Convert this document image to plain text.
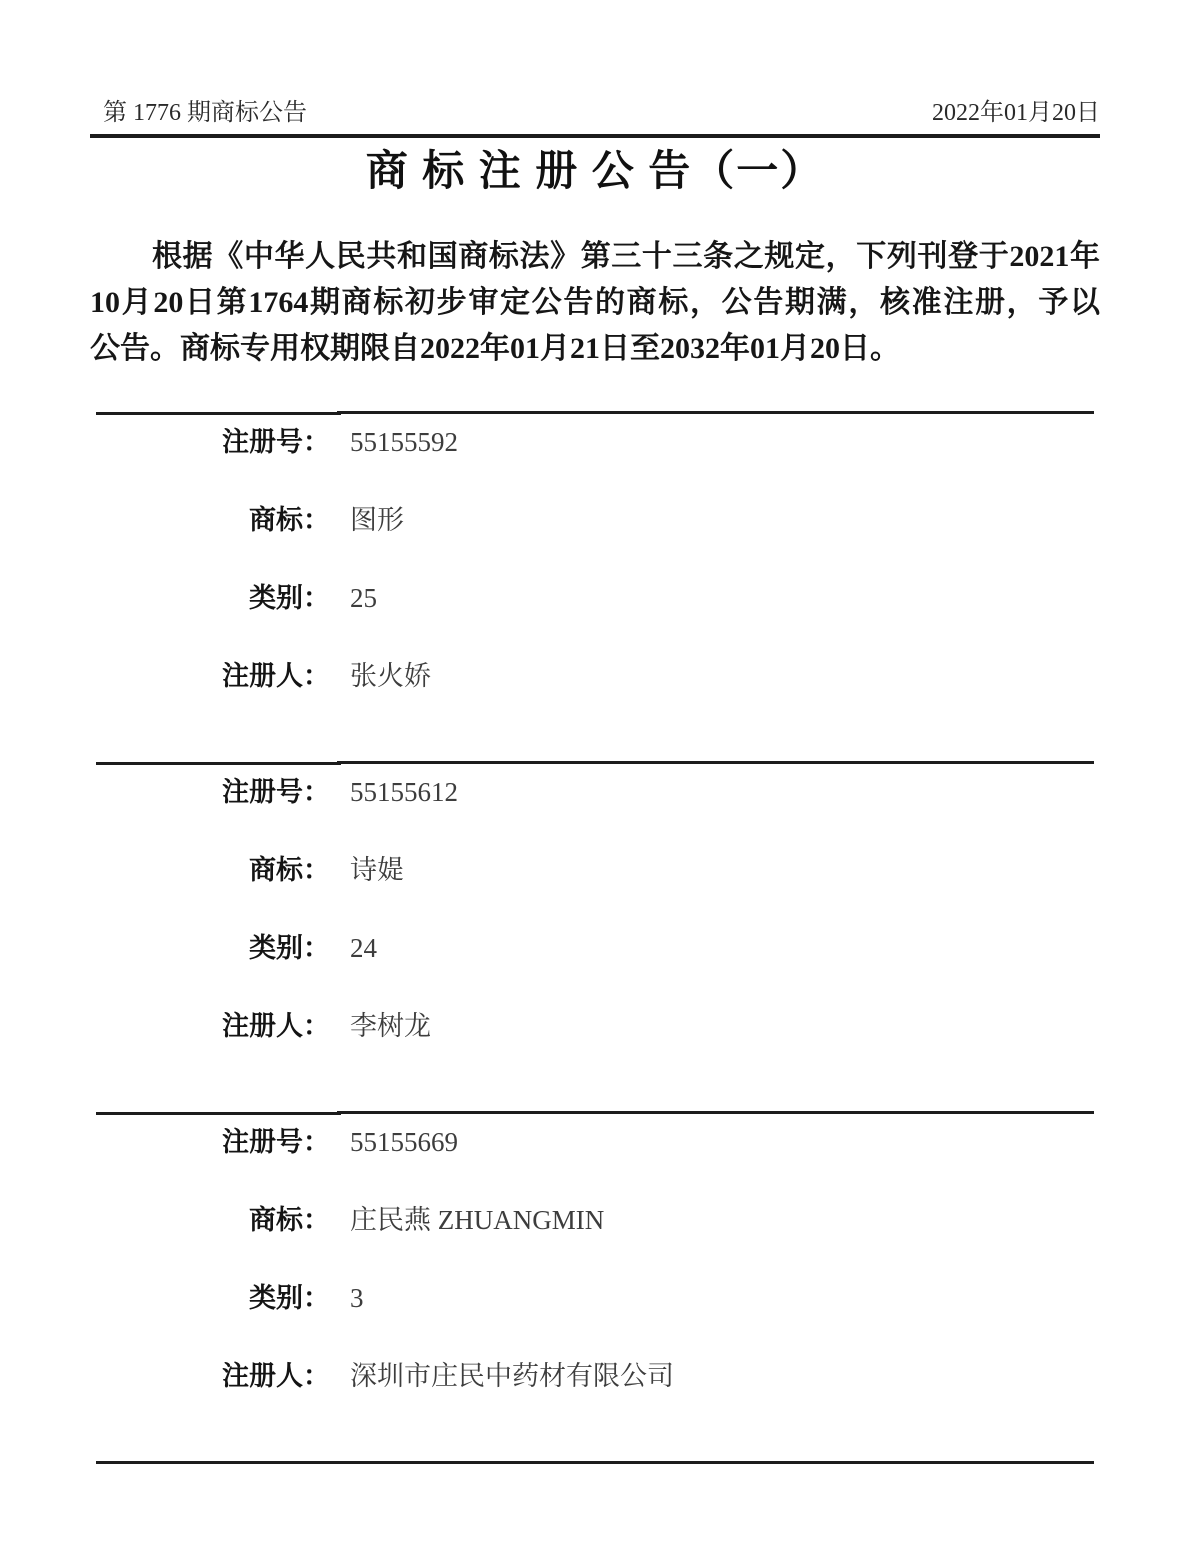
第 1776 期商标公告	2022年01月20日
商 标 注 册 公 告（一）
根据《中华人民共和国商标法》第三十三条之规定，下列刊登于2021年
10月20日第1764期商标初步审定公告的商标，公告期满，核准注册，予以
公告。商标专用权期限自2022年01月21日至2032年01月20日。
注册号： 55155592
商标： 图形
类别： 25
注册人： 张火娇
注册号： 55155612
商标： 诗媞
类别： 24
注册人： 李树龙
注册号： 55155669
商标： 庄民燕 ZHUANGMIN
类别： 3
注册人： 深圳市庄民中药材有限公司
